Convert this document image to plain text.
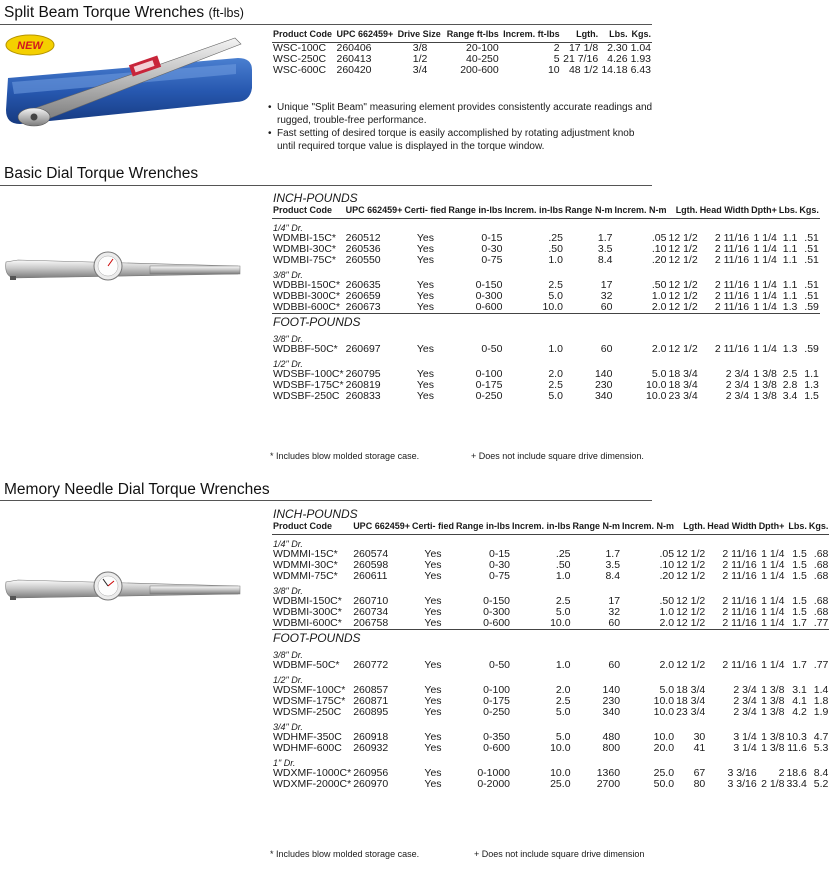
Split Beam Torque Wrenches (ft-lbs)
NEW
Product Code	UPC 662459+	Drive Size	Range ft-lbs	Increm. ft-lbs	Lgth.	Lbs.	Kgs.
WSC-100C	260406	3/8	20-100	2	17 1/8	2.30	1.04
WSC-250C	260413	1/2	40-250	5	21 7/16	4.26	1.93
WSC-600C	260420	3/4	200-600	10	48 1/2	14.18	6.43
• Unique "Split Beam" measuring element provides consistently accurate readings and rugged, trouble-free performance.
• Fast setting of desired torque is easily accomplished by rotating adjustment knob until required torque value is displayed in the torque window.
Basic Dial Torque Wrenches
INCH-POUNDS											
Product Code	UPC 662459+	Certi- fied	Range in-lbs	Increm. in-lbs	Range N-m	Increm. N-m	Lgth.	Head Width	Dpth+	Lbs.	Kgs.
1/4" Dr.											
WDMBI-15C*	260512	Yes	0-15	.25	1.7	.05	12 1/2	2 11/16	1 1/4	1.1	.51
WDMBI-30C*	260536	Yes	0-30	.50	3.5	.10	12 1/2	2 11/16	1 1/4	1.1	.51
WDMBI-75C*	260550	Yes	0-75	1.0	8.4	.20	12 1/2	2 11/16	1 1/4	1.1	.51
3/8" Dr.											
WDBBI-150C*	260635	Yes	0-150	2.5	17	.50	12 1/2	2 11/16	1 1/4	1.1	.51
WDBBI-300C*	260659	Yes	0-300	5.0	32	1.0	12 1/2	2 11/16	1 1/4	1.1	.51
WDBBI-600C*	260673	Yes	0-600	10.0	60	2.0	12 1/2	2 11/16	1 1/4	1.3	.59
FOOT-POUNDS											
3/8" Dr.											
WDBBF-50C*	260697	Yes	0-50	1.0	60	2.0	12 1/2	2 11/16	1 1/4	1.3	.59
1/2" Dr.											
WDSBF-100C*	260795	Yes	0-100	2.0	140	5.0	18 3/4	2 3/4	1 3/8	2.5	1.1
WDSBF-175C*	260819	Yes	0-175	2.5	230	10.0	18 3/4	2 3/4	1 3/8	2.8	1.3
WDSBF-250C	260833	Yes	0-250	5.0	340	10.0	23 3/4	2 3/4	1 3/8	3.4	1.5
* Includes blow molded storage case.	+ Does not include square drive dimension.
Memory Needle Dial Torque Wrenches
INCH-POUNDS											
Product Code	UPC 662459+	Certi- fied	Range in-lbs	Increm. in-lbs	Range N-m	Increm. N-m	Lgth.	Head Width	Dpth+	Lbs.	Kgs.
1/4" Dr.											
WDMMI-15C*	260574	Yes	0-15	.25	1.7	.05	12 1/2	2 11/16	1 1/4	1.5	.68
WDMMI-30C*	260598	Yes	0-30	.50	3.5	.10	12 1/2	2 11/16	1 1/4	1.5	.68
WDMMI-75C*	260611	Yes	0-75	1.0	8.4	.20	12 1/2	2 11/16	1 1/4	1.5	.68
3/8" Dr.											
WDBMI-150C*	260710	Yes	0-150	2.5	17	.50	12 1/2	2 11/16	1 1/4	1.5	.68
WDBMI-300C*	260734	Yes	0-300	5.0	32	1.0	12 1/2	2 11/16	1 1/4	1.5	.68
WDBMI-600C*	206758	Yes	0-600	10.0	60	2.0	12 1/2	2 11/16	1 1/4	1.7	.77
FOOT-POUNDS											
3/8" Dr.											
WDBMF-50C*	260772	Yes	0-50	1.0	60	2.0	12 1/2	2 11/16	1 1/4	1.7	.77
1/2" Dr.											
WDSMF-100C*	260857	Yes	0-100	2.0	140	5.0	18 3/4	2 3/4	1 3/8	3.1	1.4
WDSMF-175C*	260871	Yes	0-175	2.5	230	10.0	18 3/4	2 3/4	1 3/8	4.1	1.8
WDSMF-250C	260895	Yes	0-250	5.0	340	10.0	23 3/4	2 3/4	1 3/8	4.2	1.9
3/4" Dr.											
WDHMF-350C	260918	Yes	0-350	5.0	480	10.0	30	3 1/4	1 3/8	10.3	4.7
WDHMF-600C	260932	Yes	0-600	10.0	800	20.0	41	3 1/4	1 3/8	11.6	5.3
1" Dr.											
WDXMF-1000C*	260956	Yes	0-1000	10.0	1360	25.0	67	3 3/16	2	18.6	8.4
WDXMF-2000C*	260970	Yes	0-2000	25.0	2700	50.0	80	3 3/16	2 1/8	33.4	5.2
* Includes blow molded storage case.	+ Does not include square drive dimension
